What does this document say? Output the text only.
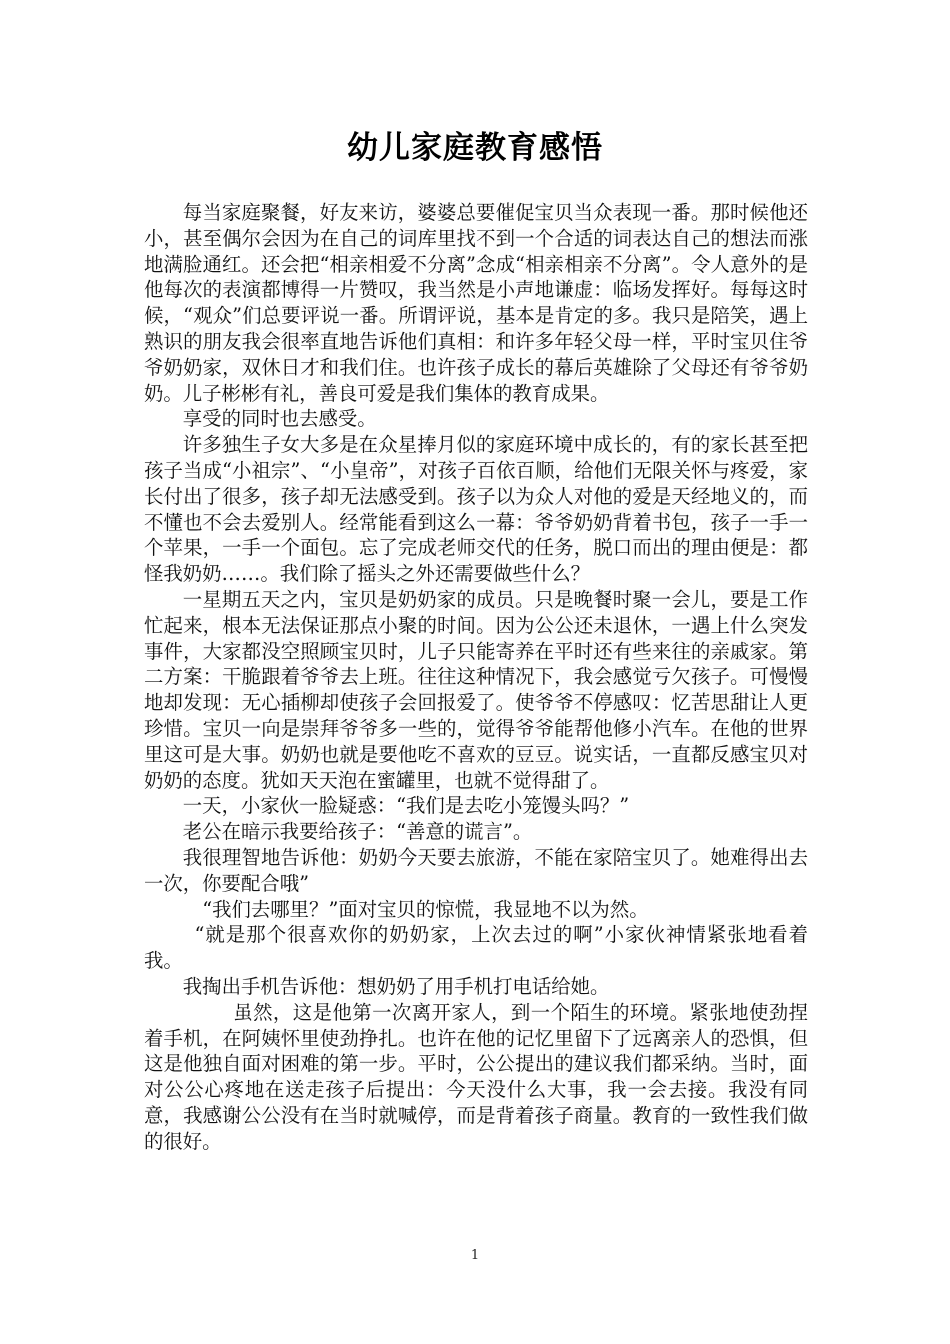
幼儿家庭教育感悟

每当家庭聚餐，好友来访，婆婆总要催促宝贝当众表现一番。那时候他还小，甚至偶尔会因为在自己的词库里找不到一个合适的词表达自己的想法而涨地满脸通红。还会把“相亲相爱不分离”念成“相亲相亲不分离”。令人意外的是他每次的表演都博得一片赞叹，我当然是小声地谦虚：临场发挥好。每每这时候，“观众”们总要评说一番。所谓评说，基本是肯定的多。我只是陪笑，遇上熟识的朋友我会很率直地告诉他们真相：和许多年轻父母一样，平时宝贝住爷爷奶奶家，双休日才和我们住。也许孩子成长的幕后英雄除了父母还有爷爷奶奶。儿子彬彬有礼，善良可爱是我们集体的教育成果。

享受的同时也去感受。

许多独生子女大多是在众星捧月似的家庭环境中成长的，有的家长甚至把孩子当成“小祖宗”、“小皇帝”，对孩子百依百顺，给他们无限关怀与疼爱，家长付出了很多，孩子却无法感受到。孩子以为众人对他的爱是天经地义的，而不懂也不会去爱别人。经常能看到这么一幕：爷爷奶奶背着书包，孩子一手一个苹果，一手一个面包。忘了完成老师交代的任务，脱口而出的理由便是：都怪我奶奶……。我们除了摇头之外还需要做些什么？

一星期五天之内，宝贝是奶奶家的成员。只是晚餐时聚一会儿，要是工作忙起来，根本无法保证那点小聚的时间。因为公公还未退休，一遇上什么突发事件，大家都没空照顾宝贝时，儿子只能寄养在平时还有些来往的亲戚家。第二方案：干脆跟着爷爷去上班。往往这种情况下，我会感觉亏欠孩子。可慢慢地却发现：无心插柳却使孩子会回报爱了。使爷爷不停感叹：忆苦思甜让人更珍惜。宝贝一向是崇拜爷爷多一些的，觉得爷爷能帮他修小汽车。在他的世界里这可是大事。奶奶也就是要他吃不喜欢的豆豆。说实话，一直都反感宝贝对奶奶的态度。犹如天天泡在蜜罐里，也就不觉得甜了。

一天，小家伙一脸疑惑：“我们是去吃小笼馒头吗？”

老公在暗示我要给孩子：“善意的谎言”。

我很理智地告诉他：奶奶今天要去旅游，不能在家陪宝贝了。她难得出去一次，你要配合哦”

“我们去哪里？”面对宝贝的惊慌，我显地不以为然。

“就是那个很喜欢你的奶奶家，上次去过的啊”小家伙神情紧张地看着我。

我掏出手机告诉他：想奶奶了用手机打电话给她。

虽然，这是他第一次离开家人，到一个陌生的环境。紧张地使劲捏着手机，在阿姨怀里使劲挣扎。也许在他的记忆里留下了远离亲人的恐惧，但这是他独自面对困难的第一步。平时，公公提出的建议我们都采纳。当时，面对公公心疼地在送走孩子后提出：今天没什么大事，我一会去接。我没有同意，我感谢公公没有在当时就喊停，而是背着孩子商量。教育的一致性我们做的很好。

1
